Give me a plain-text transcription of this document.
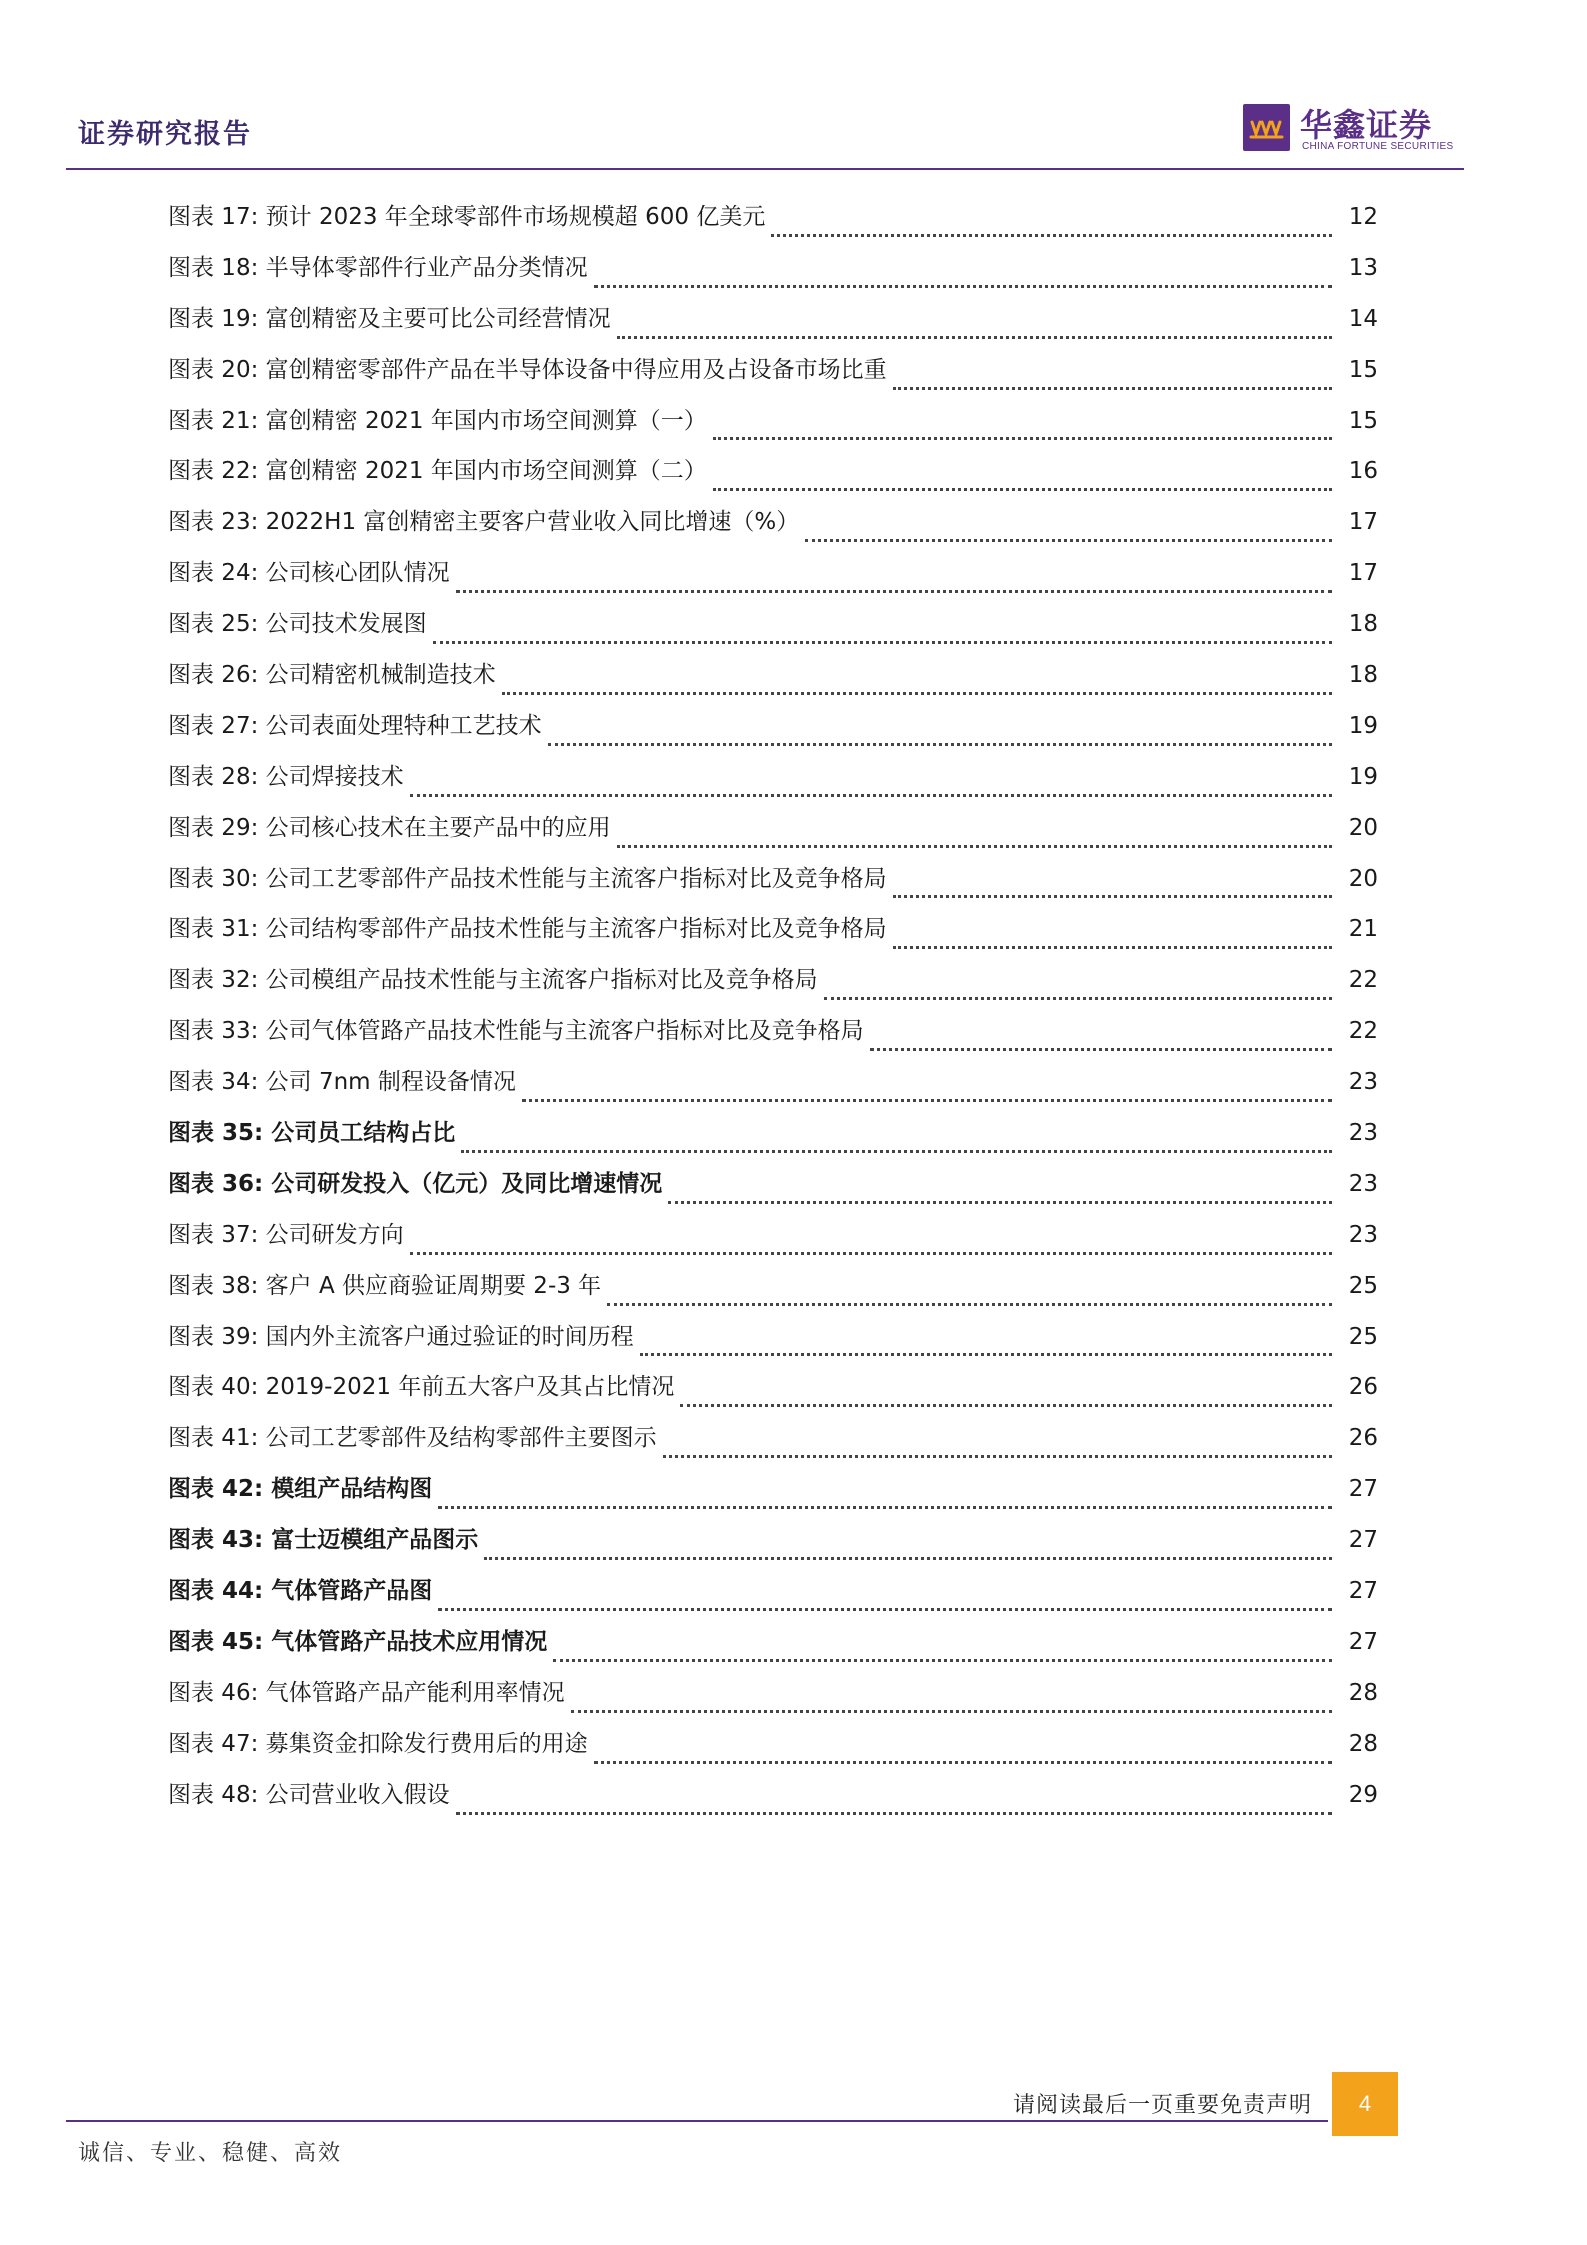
证券研究报告	华鑫证券
CHINA FORTUNE SECURITIES
图表 17: 预计 2023 年全球零部件市场规模超 600 亿美元	12
图表 18: 半导体零部件行业产品分类情况	13
图表 19: 富创精密及主要可比公司经营情况	14
图表 20: 富创精密零部件产品在半导体设备中得应用及占设备市场比重	15
图表 21: 富创精密 2021 年国内市场空间测算（一）	15
图表 22: 富创精密 2021 年国内市场空间测算（二）	16
图表 23: 2022H1 富创精密主要客户营业收入同比增速（%）	17
图表 24: 公司核心团队情况	17
图表 25: 公司技术发展图	18
图表 26: 公司精密机械制造技术	18
图表 27: 公司表面处理特种工艺技术	19
图表 28: 公司焊接技术	19
图表 29: 公司核心技术在主要产品中的应用	20
图表 30: 公司工艺零部件产品技术性能与主流客户指标对比及竞争格局	20
图表 31: 公司结构零部件产品技术性能与主流客户指标对比及竞争格局	21
图表 32: 公司模组产品技术性能与主流客户指标对比及竞争格局	22
图表 33: 公司气体管路产品技术性能与主流客户指标对比及竞争格局	22
图表 34: 公司 7nm 制程设备情况	23
图表 35: 公司员工结构占比	23
图表 36: 公司研发投入（亿元）及同比增速情况	23
图表 37: 公司研发方向	23
图表 38: 客户 A 供应商验证周期要 2-3 年	25
图表 39: 国内外主流客户通过验证的时间历程	25
图表 40: 2019-2021 年前五大客户及其占比情况	26
图表 41: 公司工艺零部件及结构零部件主要图示	26
图表 42: 模组产品结构图	27
图表 43: 富士迈模组产品图示	27
图表 44: 气体管路产品图	27
图表 45: 气体管路产品技术应用情况	27
图表 46: 气体管路产品产能利用率情况	28
图表 47: 募集资金扣除发行费用后的用途	28
图表 48: 公司营业收入假设	29
请阅读最后一页重要免责声明	4
诚信、专业、稳健、高效
